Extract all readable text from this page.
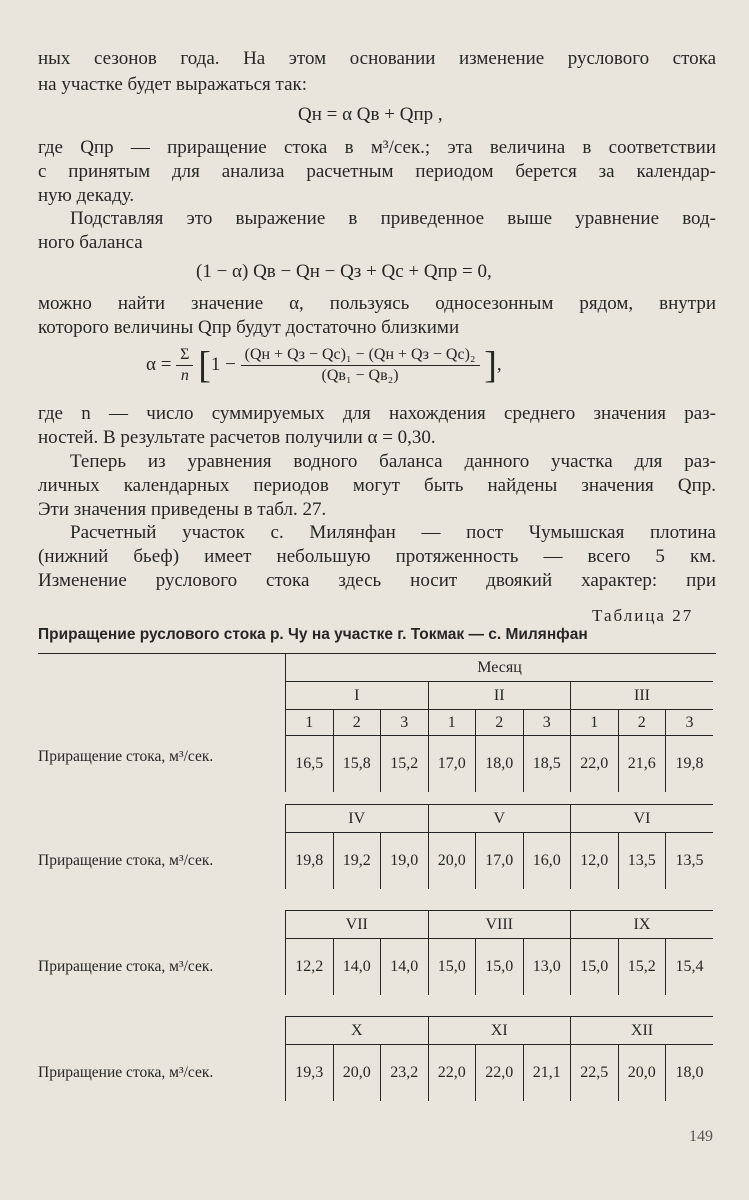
ных сезонов года. На этом основании изменение руслового стока
на участке будет выражаться так:
Qн = α Qв + Qпр ,
где Qпр — приращение стока в м³/сек.; эта величина в соответствии
с принятым для анализа расчетным периодом берется за календар-
ную декаду.
Подставляя это выражение в приведенное выше уравнение вод-
ного баланса
(1 − α) Qв − Qн − Qз + Qс + Qпр = 0,
можно найти значение α, пользуясь односезонным рядом, внутри
которого величины Qпр будут достаточно близкими
$\alpha = \frac{\Sigma}{n} [1 - \frac{\text{(Qн + Qз − Qс)₁ − (Qн + Qз − Qс)₂}}{\text{(Qв₁ − Qв₂)}}$ ],
где n — число суммируемых для нахождения среднего значения раз-
ностей. В результате расчетов получили α = 0,30.
Теперь из уравнения водного баланса данного участка для раз-
личных календарных периодов могут быть найдены значения Qпр.
Эти значения приведены в табл. 27.
Расчетный участок с. Милянфан — пост Чумышская плотина
(нижний бьеф) имеет небольшую протяженность — всего 5 км.
Изменение руслового стока здесь носит двоякий характер: при
Таблица 27
Приращение руслового стока р. Чу на участке г. Токмак — с. Милянфан
Месяц								
I			II			III		
1	2	3	1	2	3	1	2	3
16,5	15,8	15,2	17,0	18,0	18,5	22,0	21,6	19,8
Приращение стока, м³/сек.
IV			V			VI		
19,8	19,2	19,0	20,0	17,0	16,0	12,0	13,5	13,5
Приращение стока, м³/сек.
VII			VIII			IX		
12,2	14,0	14,0	15,0	15,0	13,0	15,0	15,2	15,4
Приращение стока, м³/сек.
X			XI			XII		
19,3	20,0	23,2	22,0	22,0	21,1	22,5	20,0	18,0
Приращение стока, м³/сек.
149
